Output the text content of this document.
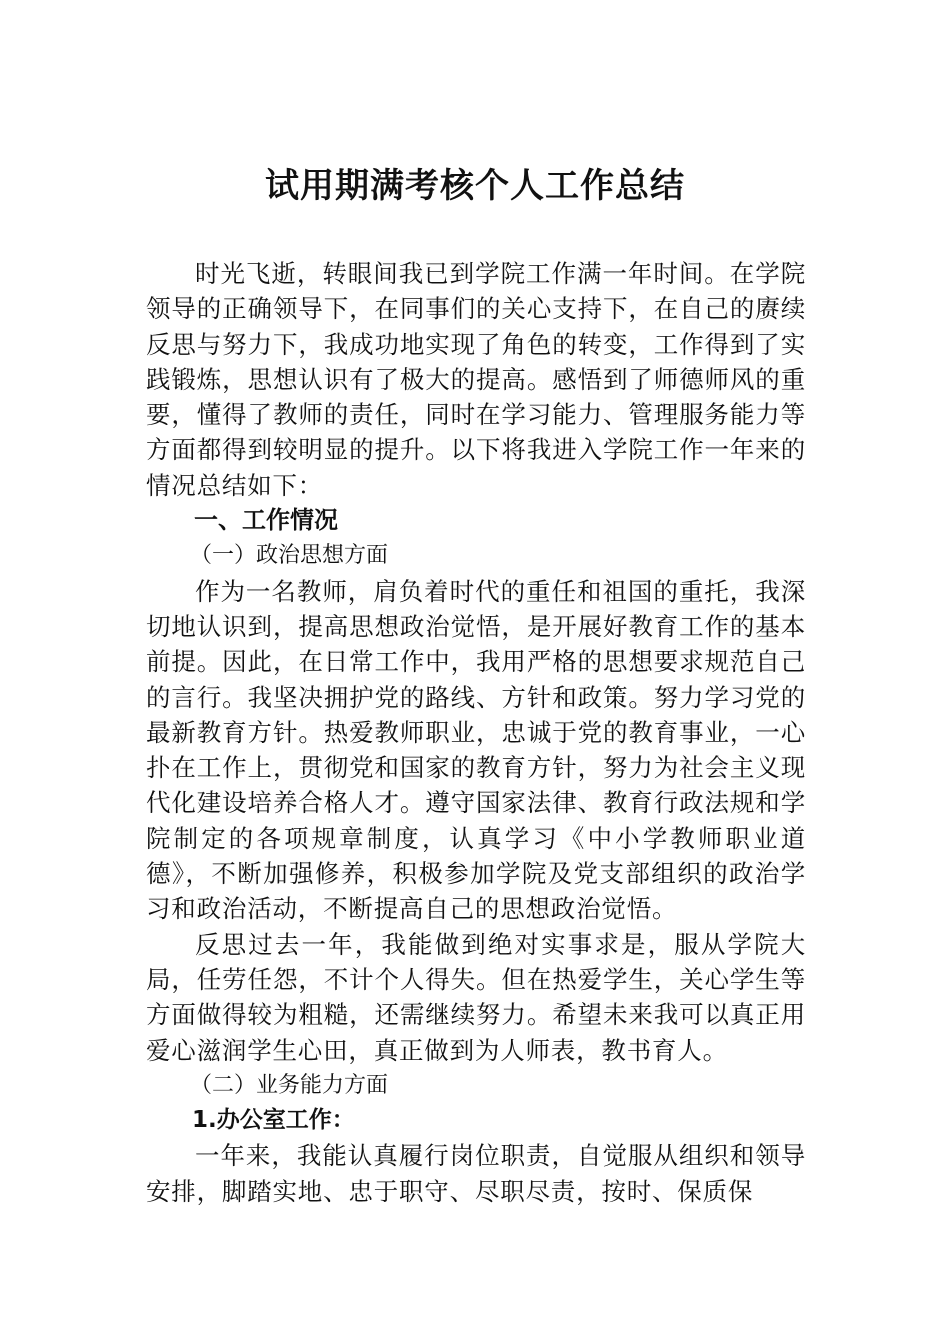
试用期满考核个人工作总结

时光飞逝，转眼间我已到学院工作满一年时间。在学院领导的正确领导下，在同事们的关心支持下，在自己的赓续反思与努力下，我成功地实现了角色的转变，工作得到了实践锻炼，思想认识有了极大的提高。感悟到了师德师风的重要，懂得了教师的责任，同时在学习能力、管理服务能力等方面都得到较明显的提升。以下将我进入学院工作一年来的情况总结如下：

一、工作情况

（一）政治思想方面

作为一名教师，肩负着时代的重任和祖国的重托，我深切地认识到，提高思想政治觉悟，是开展好教育工作的基本前提。因此，在日常工作中，我用严格的思想要求规范自己的言行。我坚决拥护党的路线、方针和政策。努力学习党的最新教育方针。热爱教师职业，忠诚于党的教育事业，一心扑在工作上，贯彻党和国家的教育方针，努力为社会主义现代化建设培养合格人才。遵守国家法律、教育行政法规和学院制定的各项规章制度，认真学习《中小学教师职业道德》，不断加强修养，积极参加学院及党支部组织的政治学习和政治活动，不断提高自己的思想政治觉悟。

反思过去一年，我能做到绝对实事求是，服从学院大局，任劳任怨，不计个人得失。但在热爱学生，关心学生等方面做得较为粗糙，还需继续努力。希望未来我可以真正用爱心滋润学生心田，真正做到为人师表，教书育人。

（二）业务能力方面

1.办公室工作：

一年来，我能认真履行岗位职责，自觉服从组织和领导安排，脚踏实地、忠于职守、尽职尽责，按时、保质保
